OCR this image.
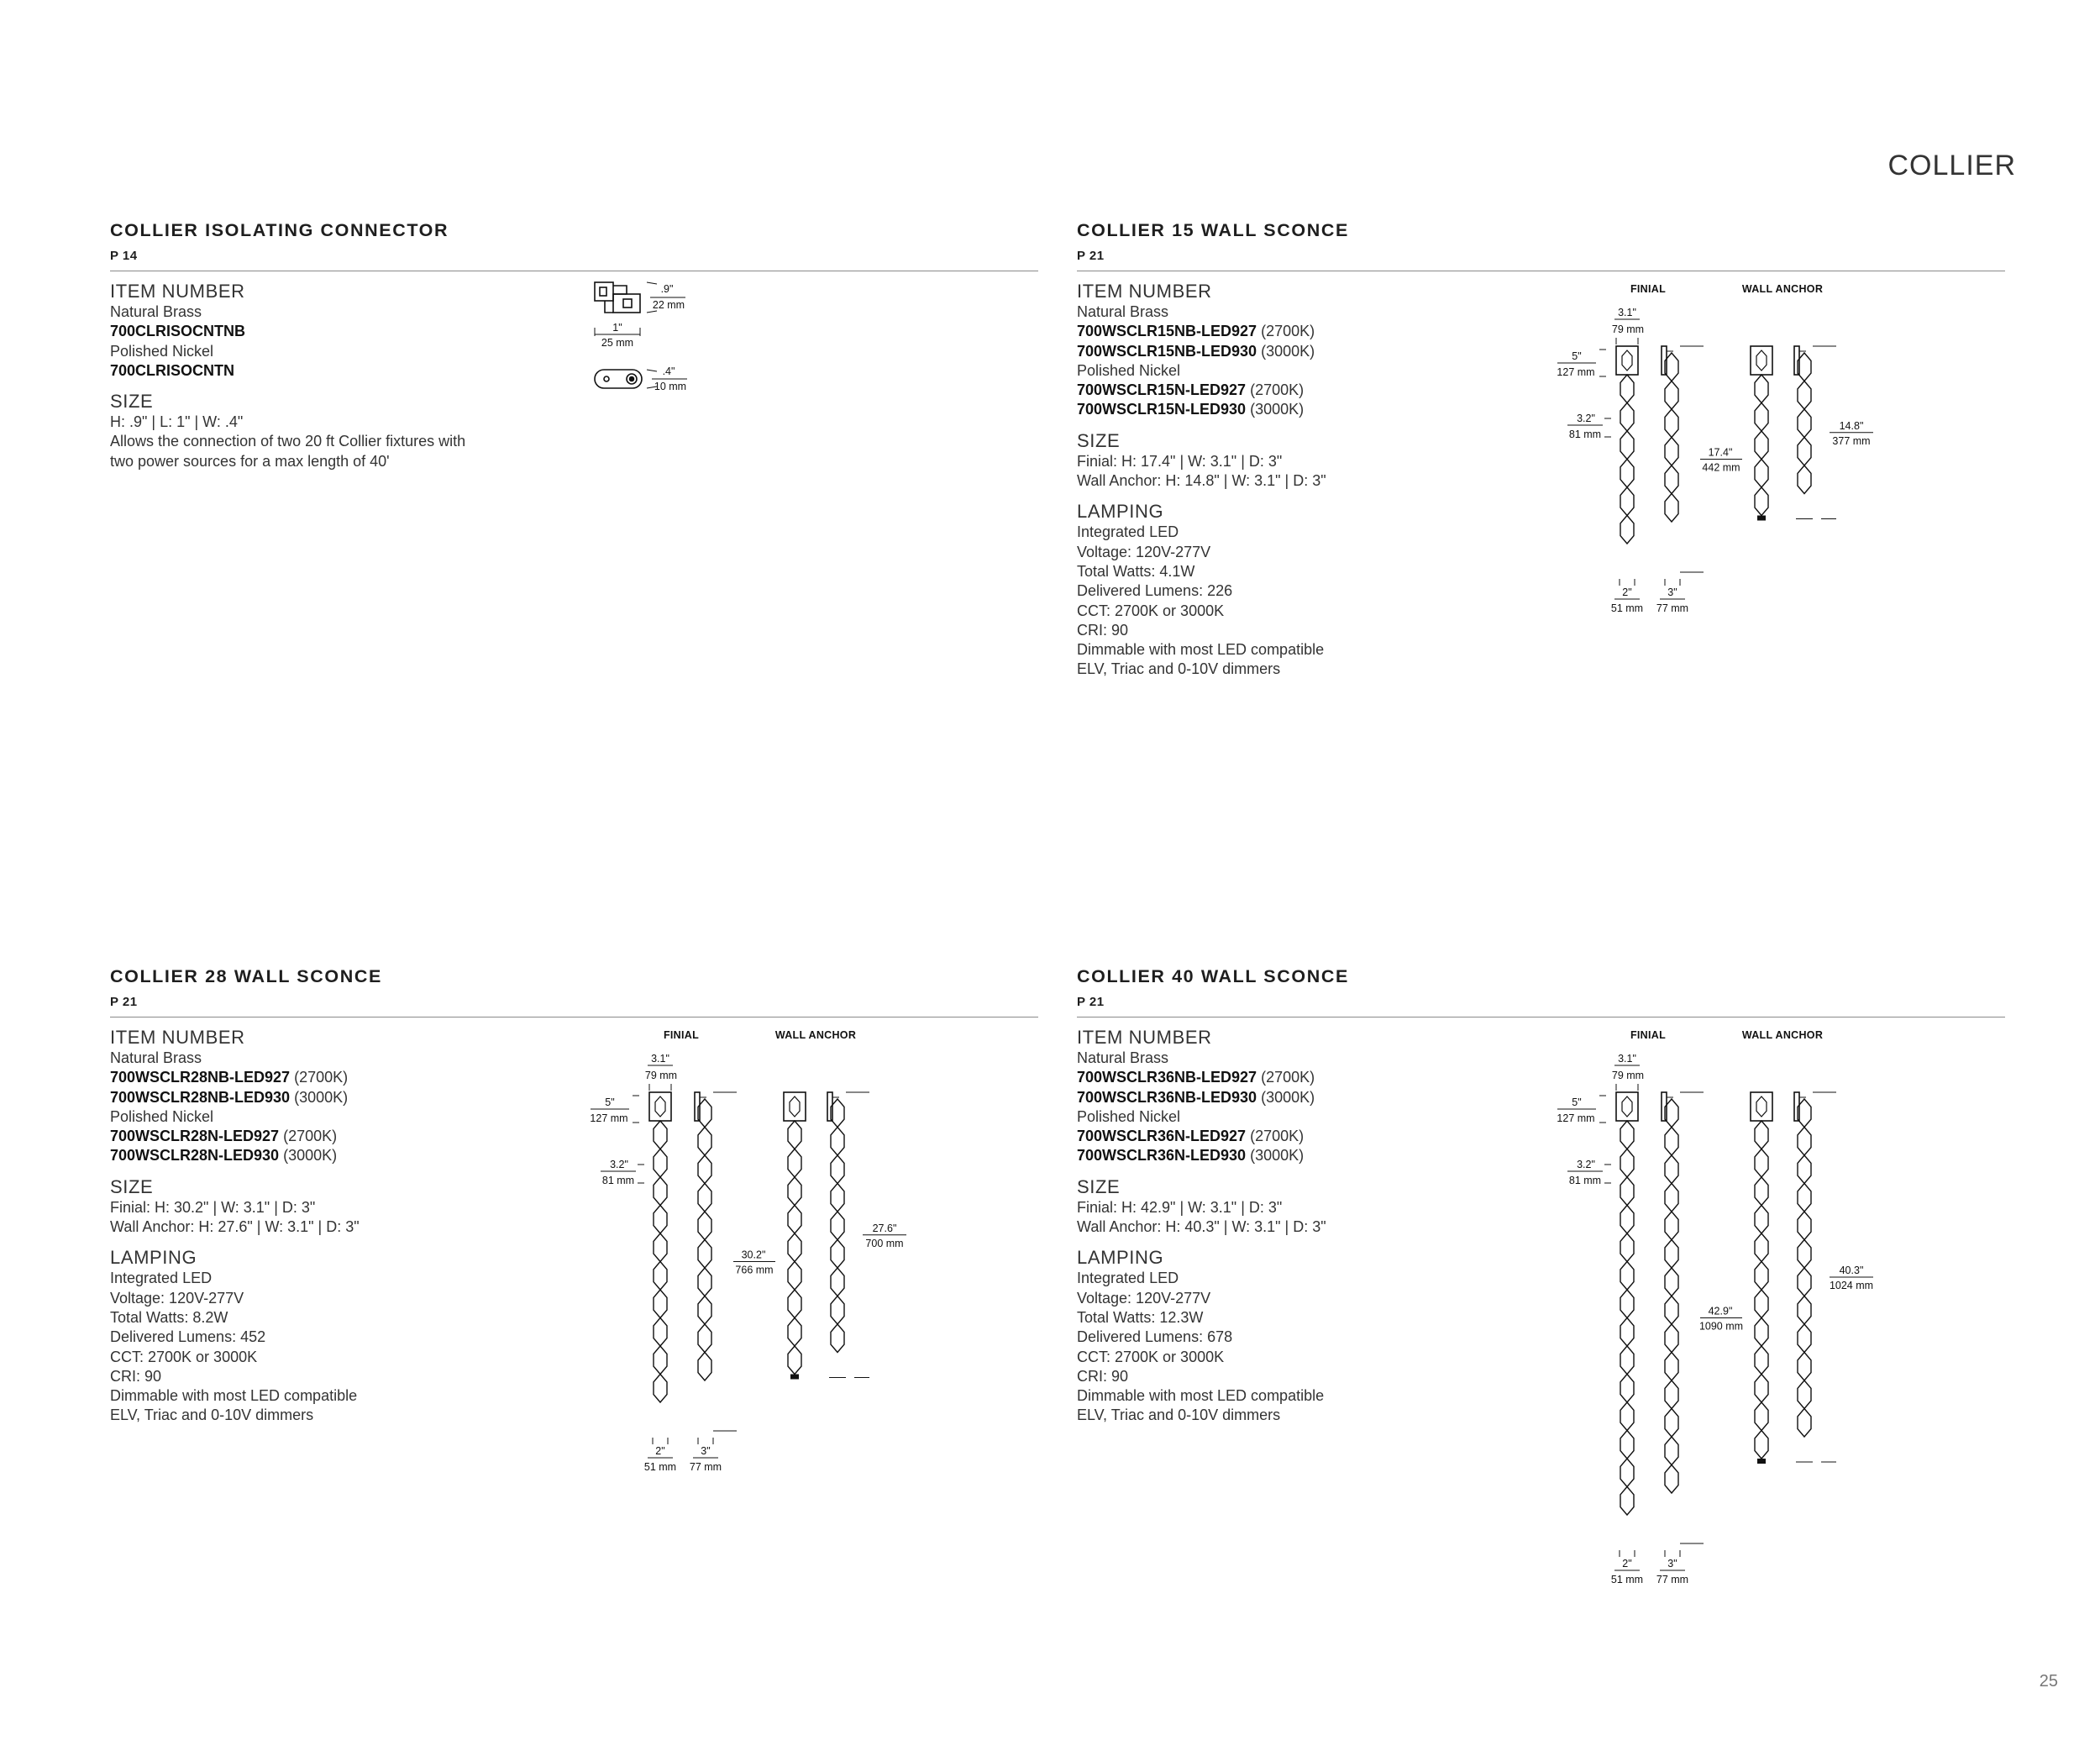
COLLIER
COLLIER ISOLATING CONNECTOR
P 14
ITEM NUMBER
Natural Brass
700CLRISOCNTNB
Polished Nickel
700CLRISOCNTN
SIZE
H: .9" | L: 1" | W: .4"
Allows the connection of two 20 ft Collier fixtures with
two power sources for a max length of 40'
.9"
22 mm
1"
25 mm
.4"
10 mm
COLLIER 15 WALL SCONCE
P 21
ITEM NUMBER
Natural Brass
700WSCLR15NB-LED927 (2700K)
700WSCLR15NB-LED930 (3000K)
Polished Nickel
700WSCLR15N-LED927 (2700K)
700WSCLR15N-LED930 (3000K)
SIZE
Finial: H: 17.4" | W: 3.1" | D: 3"
Wall Anchor: H: 14.8" | W: 3.1" | D: 3"
LAMPING
Integrated LED
Voltage: 120V-277V
Total Watts: 4.1W
Delivered Lumens: 226
CCT: 2700K or 3000K
CRI: 90
Dimmable with most LED compatible
ELV, Triac and 0-10V dimmers
FINIAL	WALL ANCHOR
3.1"
79 mm
5"
127 mm
3.2"
81 mm
17.4"
442 mm
14.8"
377 mm
2"
51 mm
3"
77 mm
COLLIER 28 WALL SCONCE
P 21
ITEM NUMBER
Natural Brass
700WSCLR28NB-LED927 (2700K)
700WSCLR28NB-LED930 (3000K)
Polished Nickel
700WSCLR28N-LED927 (2700K)
700WSCLR28N-LED930 (3000K)
SIZE
Finial: H: 30.2" | W: 3.1" | D: 3"
Wall Anchor: H: 27.6" | W: 3.1" | D: 3"
LAMPING
Integrated LED
Voltage: 120V-277V
Total Watts: 8.2W
Delivered Lumens: 452
CCT: 2700K or 3000K
CRI: 90
Dimmable with most LED compatible
ELV, Triac and 0-10V dimmers
FINIAL	WALL ANCHOR
3.1"
79 mm
5"
127 mm
3.2"
81 mm
30.2"
766 mm
27.6"
700 mm
2"
51 mm
3"
77 mm
COLLIER 40 WALL SCONCE
P 21
ITEM NUMBER
Natural Brass
700WSCLR36NB-LED927 (2700K)
700WSCLR36NB-LED930 (3000K)
Polished Nickel
700WSCLR36N-LED927 (2700K)
700WSCLR36N-LED930 (3000K)
SIZE
Finial: H: 42.9" | W: 3.1" | D: 3"
Wall Anchor: H: 40.3" | W: 3.1" | D: 3"
LAMPING
Integrated LED
Voltage: 120V-277V
Total Watts: 12.3W
Delivered Lumens: 678
CCT: 2700K or 3000K
CRI: 90
Dimmable with most LED compatible
ELV, Triac and 0-10V dimmers
FINIAL	WALL ANCHOR
3.1"
79 mm
5"
127 mm
3.2"
81 mm
42.9"
1090 mm
40.3"
1024 mm
2"
51 mm
3"
77 mm
25
